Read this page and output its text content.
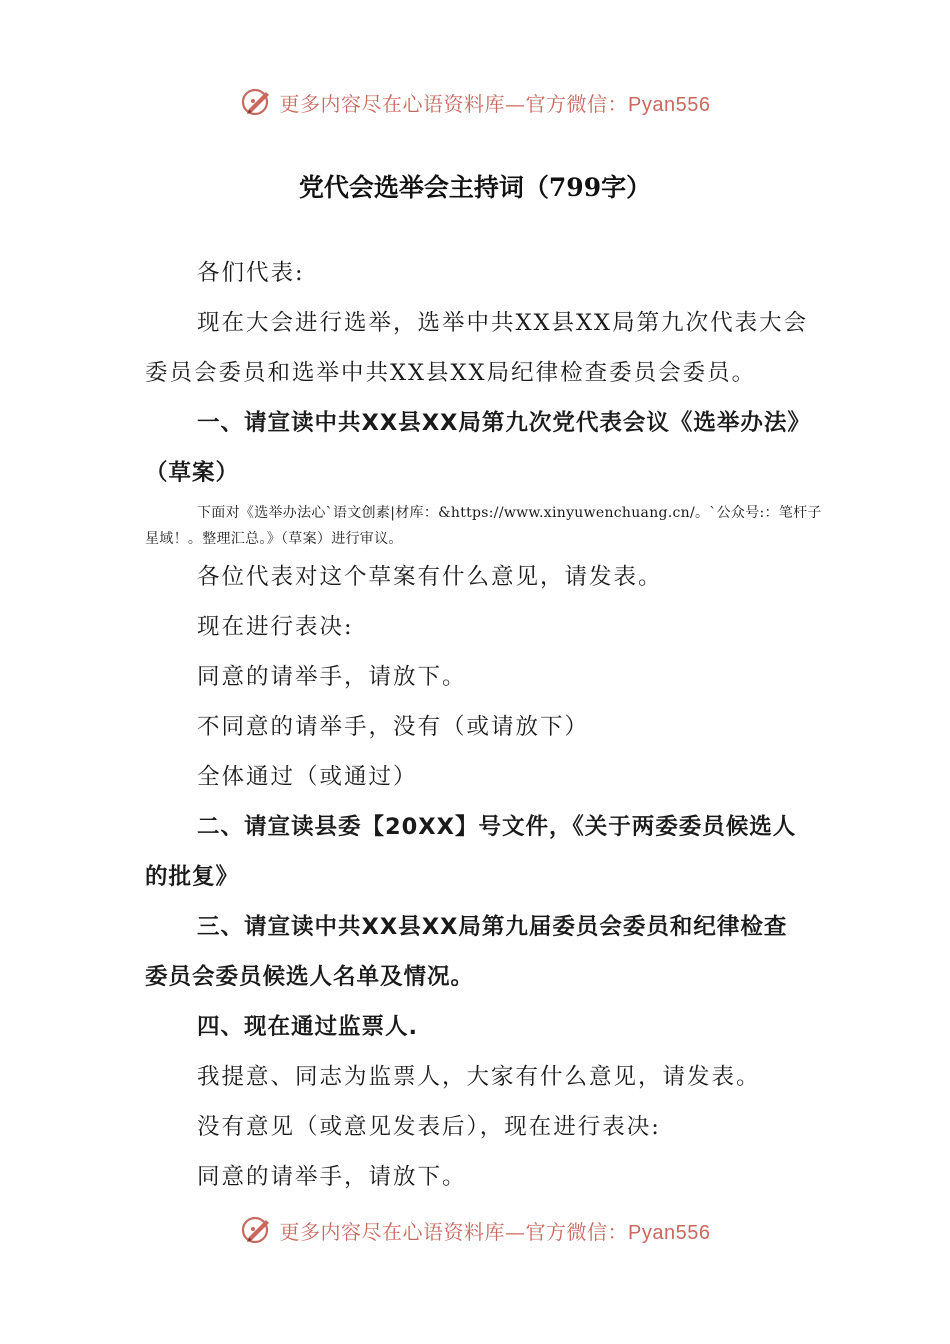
更多内容尽在心语资料库—官方微信：Pyan556
党代会选举会主持词（799字）

各们代表:

现在大会进行选举，选举中共XX县XX局第九次代表大会委员会委员和选举中共XX县XX局纪律检查委员会委员。

一、请宣读中共XX县XX局第九次党代表会议《选举办法》（草案）

下面对《选举办法心`语文创素|材库：&https://www.xinyuwenchuang.cn/。`公众号:：笔杆子星域！。整理汇总。》（草案）进行审议。

各位代表对这个草案有什么意见，请发表。

现在进行表决:

同意的请举手，请放下。

不同意的请举手，没有（或请放下）

全体通过（或通过）

二、请宣读县委【20XX】号文件，《关于两委委员候选人的批复》

三、请宣读中共XX县XX局第九届委员会委员和纪律检查委员会委员候选人名单及情况。

四、现在通过监票人.

我提意、同志为监票人，大家有什么意见，请发表。

没有意见（或意见发表后），现在进行表决:

同意的请举手，请放下。

更多内容尽在心语资料库—官方微信：Pyan556
